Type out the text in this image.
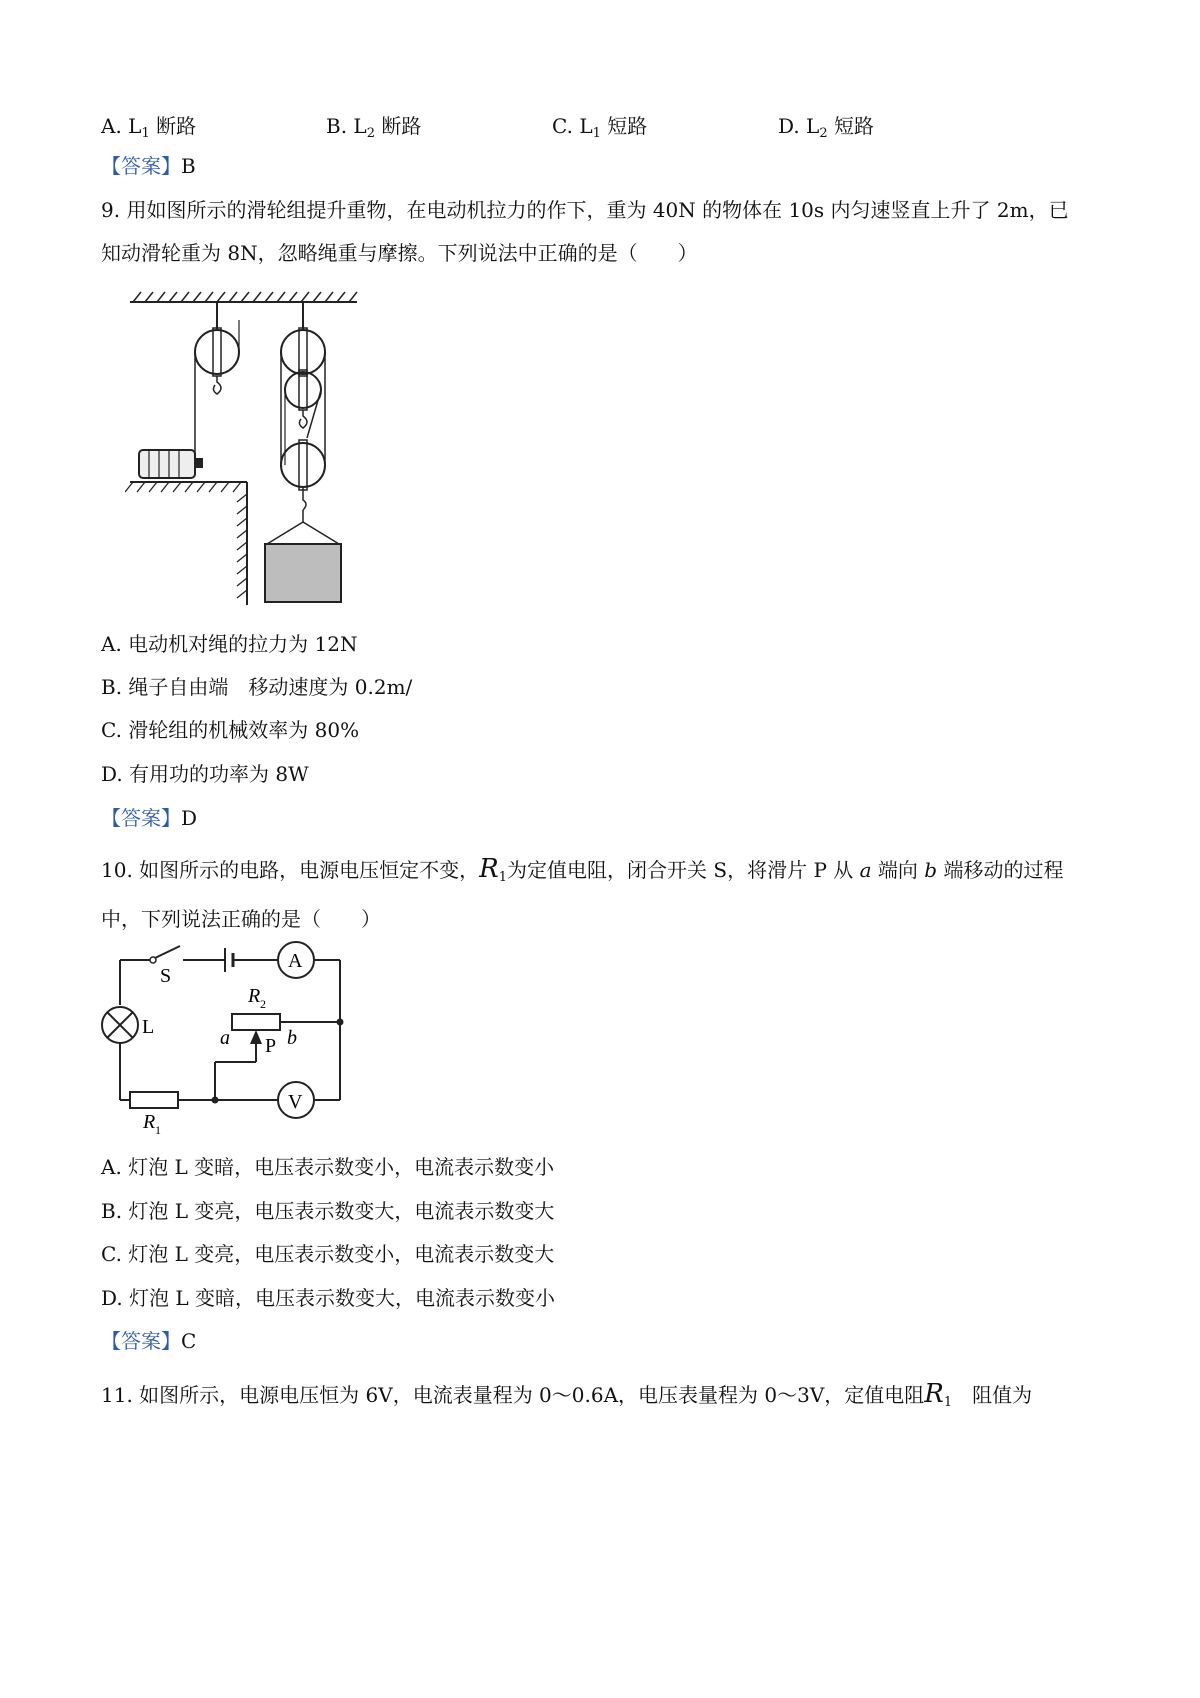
A. $L_1$ 断路	B. $L_2$ 断路	C. $L_1$ 短路	D. $L_2$ 短路
【答案】B
9. 用如图所示的滑轮组提升重物，在电动机拉力的作下，重为 40N 的物体在 10s 内匀速竖直上升了 2m，已
知动滑轮重为 8N，忽略绳重与摩擦。下列说法中正确的是（　　）
A. 电动机对绳的拉力为 12N
B. 绳子自由端　移动速度为 0.2m/
C. 滑轮组的机械效率为 80%
D. 有用功的功率为 8W
【答案】D
10. 如图所示的电路，电源电压恒定不变，$R_1$为定值电阻，闭合开关 S，将滑片 P 从 a 端向 b 端移动的过程
中，下列说法正确的是（　　）
S
A
L
R 2
a	b
P
V
R 1
A. 灯泡 L 变暗，电压表示数变小，电流表示数变小
B. 灯泡 L 变亮，电压表示数变大，电流表示数变大
C. 灯泡 L 变亮，电压表示数变小，电流表示数变大
D. 灯泡 L 变暗，电压表示数变大，电流表示数变小
【答案】C
11. 如图所示，电源电压恒为 6V，电流表量程为 0～0.6A，电压表量程为 0～3V，定值电阻$R_1$　 阻值为
